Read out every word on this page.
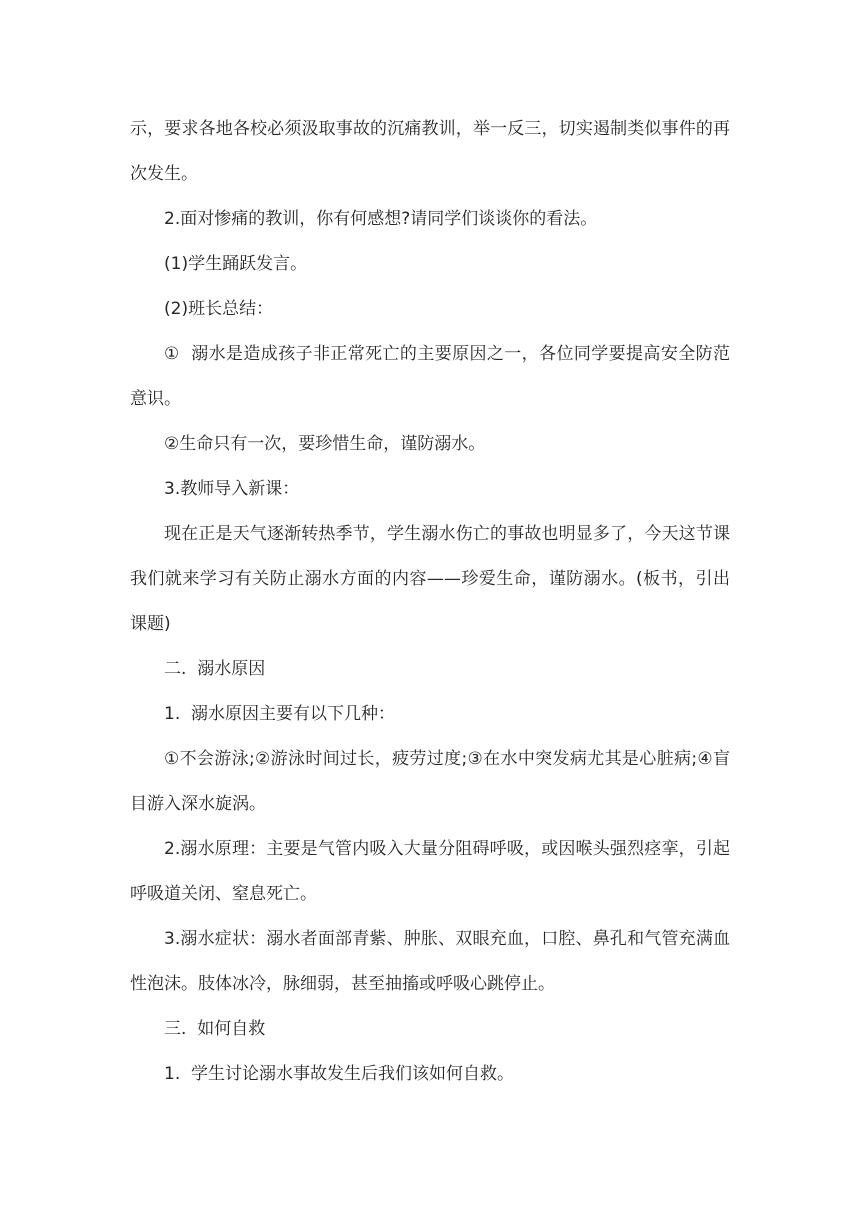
示，要求各地各校必须汲取事故的沉痛教训，举一反三，切实遏制类似事件的再次发生。

2.面对惨痛的教训，你有何感想?请同学们谈谈你的看法。

(1)学生踊跃发言。

(2)班长总结：

①  溺水是造成孩子非正常死亡的主要原因之一，各位同学要提高安全防范意识。

②生命只有一次，要珍惜生命，谨防溺水。

3.教师导入新课：

现在正是天气逐渐转热季节，学生溺水伤亡的事故也明显多了，今天这节课我们就来学习有关防止溺水方面的内容——珍爱生命，谨防溺水。(板书，引出课题)

二.  溺水原因

1.  溺水原因主要有以下几种：

①不会游泳;②游泳时间过长，疲劳过度;③在水中突发病尤其是心脏病;④盲目游入深水旋涡。

2.溺水原理：主要是气管内吸入大量分阻碍呼吸，或因喉头强烈痉挛，引起呼吸道关闭、窒息死亡。

3.溺水症状：溺水者面部青紫、肿胀、双眼充血，口腔、鼻孔和气管充满血性泡沫。肢体冰冷，脉细弱，甚至抽搐或呼吸心跳停止。

三.  如何自救

1.  学生讨论溺水事故发生后我们该如何自救。
